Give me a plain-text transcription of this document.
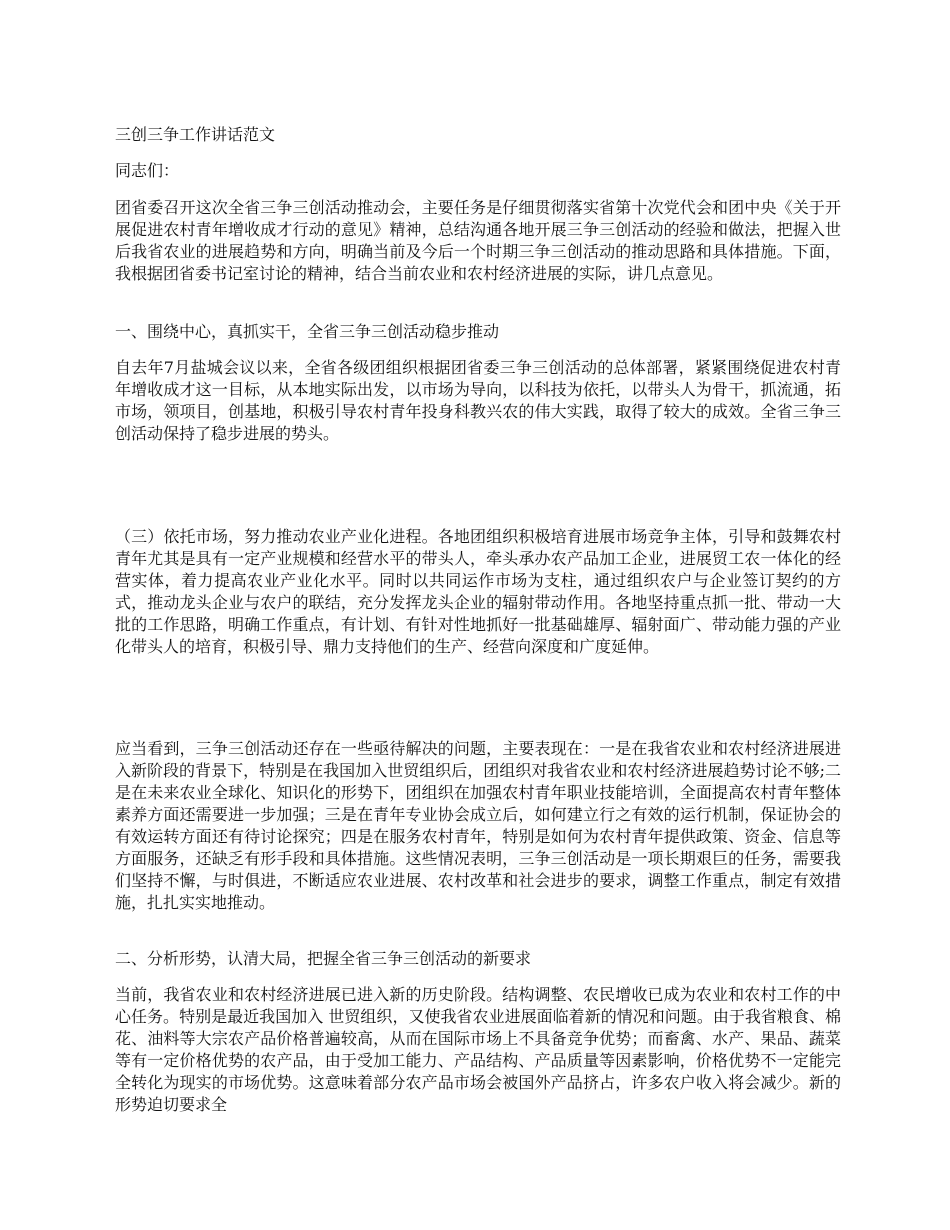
三创三争工作讲话范文

同志们：

团省委召开这次全省三争三创活动推动会，主要任务是仔细贯彻落实省第十次党代会和团中央《关于开展促进农村青年增收成才行动的意见》精神，总结沟通各地开展三争三创活动的经验和做法，把握入世后我省农业的进展趋势和方向，明确当前及今后一个时期三争三创活动的推动思路和具体措施。下面，我根据团省委书记室讨论的精神，结合当前农业和农村经济进展的实际，讲几点意见。

一、围绕中心，真抓实干，全省三争三创活动稳步推动

自去年7月盐城会议以来，全省各级团组织根据团省委三争三创活动的总体部署，紧紧围绕促进农村青年增收成才这一目标，从本地实际出发，以市场为导向，以科技为依托，以带头人为骨干，抓流通，拓市场，领项目，创基地，积极引导农村青年投身科教兴农的伟大实践，取得了较大的成效。全省三争三创活动保持了稳步进展的势头。

（三）依托市场，努力推动农业产业化进程。各地团组织积极培育进展市场竞争主体，引导和鼓舞农村青年尤其是具有一定产业规模和经营水平的带头人，牵头承办农产品加工企业，进展贸工农一体化的经营实体，着力提高农业产业化水平。同时以共同运作市场为支柱，通过组织农户与企业签订契约的方式，推动龙头企业与农户的联结，充分发挥龙头企业的辐射带动作用。各地坚持重点抓一批、带动一大批的工作思路，明确工作重点，有计划、有针对性地抓好一批基础雄厚、辐射面广、带动能力强的产业化带头人的培育，积极引导、鼎力支持他们的生产、经营向深度和广度延伸。

应当看到，三争三创活动还存在一些亟待解决的问题，主要表现在：一是在我省农业和农村经济进展进入新阶段的背景下，特别是在我国加入世贸组织后，团组织对我省农业和农村经济进展趋势讨论不够;二是在未来农业全球化、知识化的形势下，团组织在加强农村青年职业技能培训，全面提高农村青年整体素养方面还需要进一步加强；三是在青年专业协会成立后，如何建立行之有效的运行机制，保证协会的有效运转方面还有待讨论探究；四是在服务农村青年，特别是如何为农村青年提供政策、资金、信息等方面服务，还缺乏有形手段和具体措施。这些情况表明，三争三创活动是一项长期艰巨的任务，需要我们坚持不懈，与时俱进，不断适应农业进展、农村改革和社会进步的要求，调整工作重点，制定有效措施，扎扎实实地推动。

二、分析形势，认清大局，把握全省三争三创活动的新要求

当前，我省农业和农村经济进展已进入新的历史阶段。结构调整、农民增收已成为农业和农村工作的中心任务。特别是最近我国加入 世贸组织，又使我省农业进展面临着新的情况和问题。由于我省粮食、棉花、油料等大宗农产品价格普遍较高，从而在国际市场上不具备竞争优势；而畜禽、水产、果品、蔬菜等有一定价格优势的农产品，由于受加工能力、产品结构、产品质量等因素影响，价格优势不一定能完全转化为现实的市场优势。这意味着部分农产品市场会被国外产品挤占，许多农户收入将会减少。新的形势迫切要求全
